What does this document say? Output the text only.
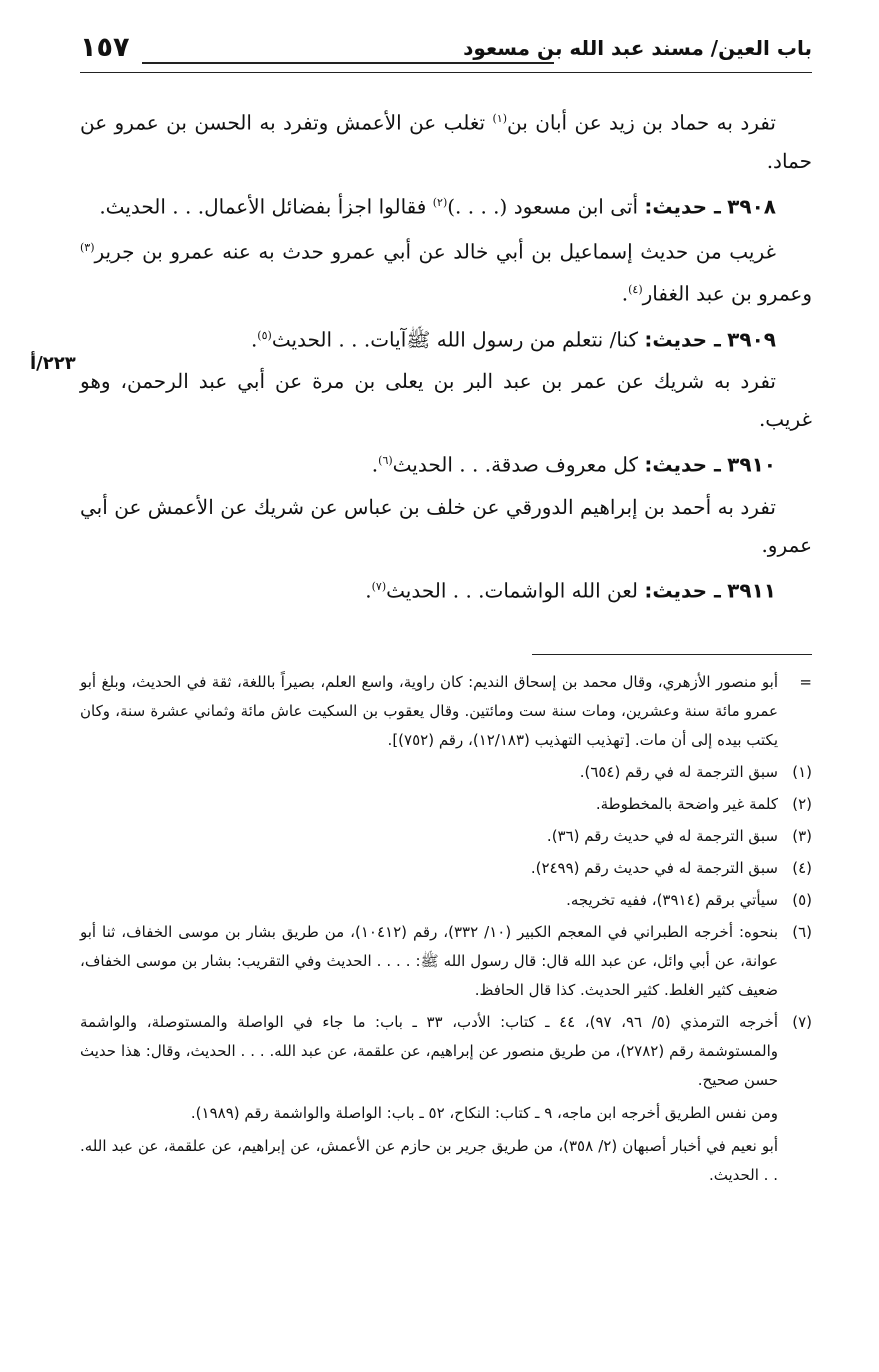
باب العين/ مسند عبد الله بن مسعود
١٥٧
٢٢٣/أ

تفرد به حماد بن زيد عن أبان بن$^{(١)}$ تغلب عن الأعمش وتفرد به الحسن بن عمرو عن حماد.

٣٩٠٨ ـ حديث: أتى ابن مسعود (. . . .)$^{(٢)}$ فقالوا اجزأ بفضائل الأعمال. . . الحديث.

غريب من حديث إسماعيل بن أبي خالد عن أبي عمرو حدث به عنه عمرو بن جرير$^{(٣)}$ وعمرو بن عبد الغفار$^{(٤)}$.

٣٩٠٩ ـ حديث: كنا/ نتعلم من رسول الله ﷺآيات. . . الحديث$^{(٥)}$.

تفرد به شريك عن عمر بن عبد البر بن يعلى بن مرة عن أبي عبد الرحمن، وهو غريب.

٣٩١٠ ـ حديث: كل معروف صدقة. . . الحديث$^{(٦)}$.

تفرد به أحمد بن إبراهيم الدورقي عن خلف بن عباس عن شريك عن الأعمش عن أبي عمرو.

٣٩١١ ـ حديث: لعن الله الواشمات. . . الحديث$^{(٧)}$.

=

أبو منصور الأزهري، وقال محمد بن إسحاق النديم: كان راوية، واسع العلم، بصيراً باللغة، ثقة في الحديث، وبلغ أبو عمرو مائة سنة وعشرين، ومات سنة ست ومائتين. وقال يعقوب بن السكيت عاش مائة وثماني عشرة سنة، وكان يكتب بيده إلى أن مات. [تهذيب التهذيب (١٢/١٨٣)، رقم (٧٥٢)].

(١)

سبق الترجمة له في رقم (٦٥٤).

(٢)

كلمة غير واضحة بالمخطوطة.

(٣)

سبق الترجمة له في حديث رقم (٣٦).

(٤)

سبق الترجمة له في حديث رقم (٢٤٩٩).

(٥)

سيأتي برقم (٣٩١٤)، ففيه تخريجه.

(٦)

بنحوه: أخرجه الطبراني في المعجم الكبير (١٠/ ٣٣٢)، رقم (١٠٤١٢)، من طريق بشار بن موسى الخفاف، ثنا أبو عوانة، عن أبي وائل، عن عبد الله قال: قال رسول الله ﷺ: . . . . الحديث وفي التقريب: بشار بن موسى الخفاف، ضعيف كثير الغلط. كثير الحديث. كذا قال الحافظ.

(٧)

أخرجه الترمذي (٥/ ٩٦، ٩٧)، ٤٤ ـ كتاب: الأدب، ٣٣ ـ باب: ما جاء في الواصلة والمستوصلة، والواشمة والمستوشمة رقم (٢٧٨٢)، من طريق منصور عن إبراهيم، عن علقمة، عن عبد الله. . . . الحديث، وقال: هذا حديث حسن صحيح.

ومن نفس الطريق أخرجه ابن ماجه، ٩ ـ كتاب: النكاح، ٥٢ ـ باب: الواصلة والواشمة رقم (١٩٨٩).

أبو نعيم في أخبار أصبهان (٢/ ٣٥٨)، من طريق جرير بن حازم عن الأعمش، عن إبراهيم، عن علقمة، عن عبد الله. . . الحديث.
